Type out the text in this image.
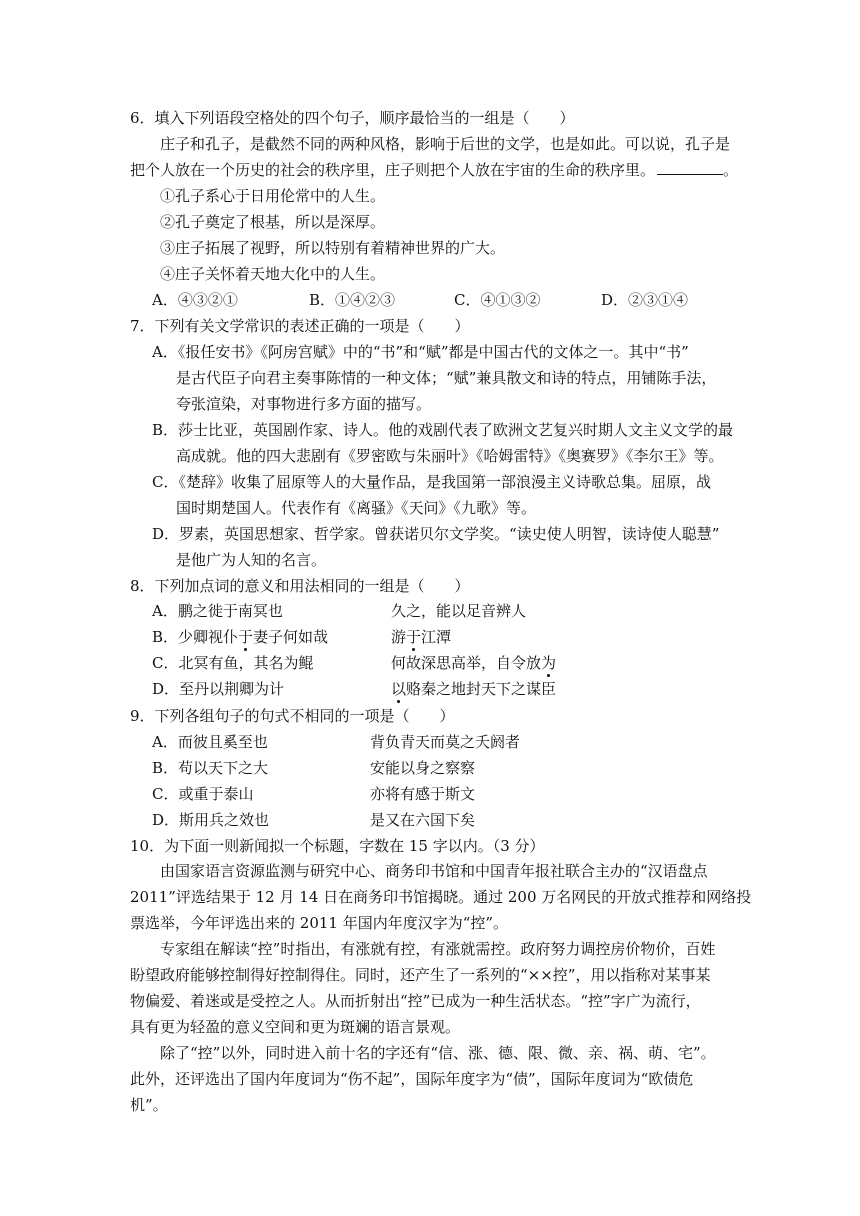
6．填入下列语段空格处的四个句子，顺序最恰当的一组是（　　）
庄子和孔子，是截然不同的两种风格，影响于后世的文学，也是如此。可以说，孔子是
把个人放在一个历史的社会的秩序里，庄子则把个人放在宇宙的生命的秩序里。	。
①孔子系心于日用伦常中的人生。
②孔子奠定了根基，所以是深厚。
③庄子拓展了视野，所以特别有着精神世界的广大。
④庄子关怀着天地大化中的人生。
A．④③②①	B．①④②③	C．④①③②	D．②③①④
7．下列有关文学常识的表述正确的一项是（　　）
A．《报任安书》《阿房宫赋》中的“书”和“赋”都是中国古代的文体之一。其中“书”
是古代臣子向君主奏事陈情的一种文体；“赋”兼具散文和诗的特点，用铺陈手法，
夸张渲染，对事物进行多方面的描写。
B．莎士比亚，英国剧作家、诗人。他的戏剧代表了欧洲文艺复兴时期人文主义文学的最
高成就。他的四大悲剧有《罗密欧与朱丽叶》《哈姆雷特》《奥赛罗》《李尔王》等。
C．《楚辞》收集了屈原等人的大量作品，是我国第一部浪漫主义诗歌总集。屈原，战
国时期楚国人。代表作有《离骚》《天问》《九歌》等。
D．罗素，英国思想家、哲学家。曾获诺贝尔文学奖。“读史使人明智，读诗使人聪慧”
是他广为人知的名言。
8．下列加点词的意义和用法相同的一组是（　　）
A．鹏之徙于南冥也	久之，能以足音辨人
B．少卿视仆于妻子何如哉	游于江潭
C．北冥有鱼，其名为鲲	何故深思高举，自令放为
D．至丹以荆卿为计	以赂秦之地封天下之谋臣
9．下列各组句子的句式不相同的一项是（　　）
A．而彼且奚至也	背负青天而莫之夭阏者
B．苟以天下之大	安能以身之察察
C．或重于泰山	亦将有感于斯文
D．斯用兵之效也	是又在六国下矣
10．为下面一则新闻拟一个标题，字数在 15 字以内。（3 分）
由国家语言资源监测与研究中心、商务印书馆和中国青年报社联合主办的“汉语盘点
2011”评选结果于 12 月 14 日在商务印书馆揭晓。通过 200 万名网民的开放式推荐和网络投
票选举，今年评选出来的 2011 年国内年度汉字为“控”。
专家组在解读“控”时指出，有涨就有控，有涨就需控。政府努力调控房价物价，百姓
盼望政府能够控制得好控制得住。同时，还产生了一系列的“××控”，用以指称对某事某
物偏爱、着迷或是受控之人。从而折射出“控”已成为一种生活状态。“控”字广为流行，
具有更为轻盈的意义空间和更为斑斓的语言景观。
除了“控”以外，同时进入前十名的字还有“信、涨、德、限、微、亲、祸、萌、宅”。
此外，还评选出了国内年度词为“伤不起”，国际年度字为“债”，国际年度词为“欧债危
机”。
